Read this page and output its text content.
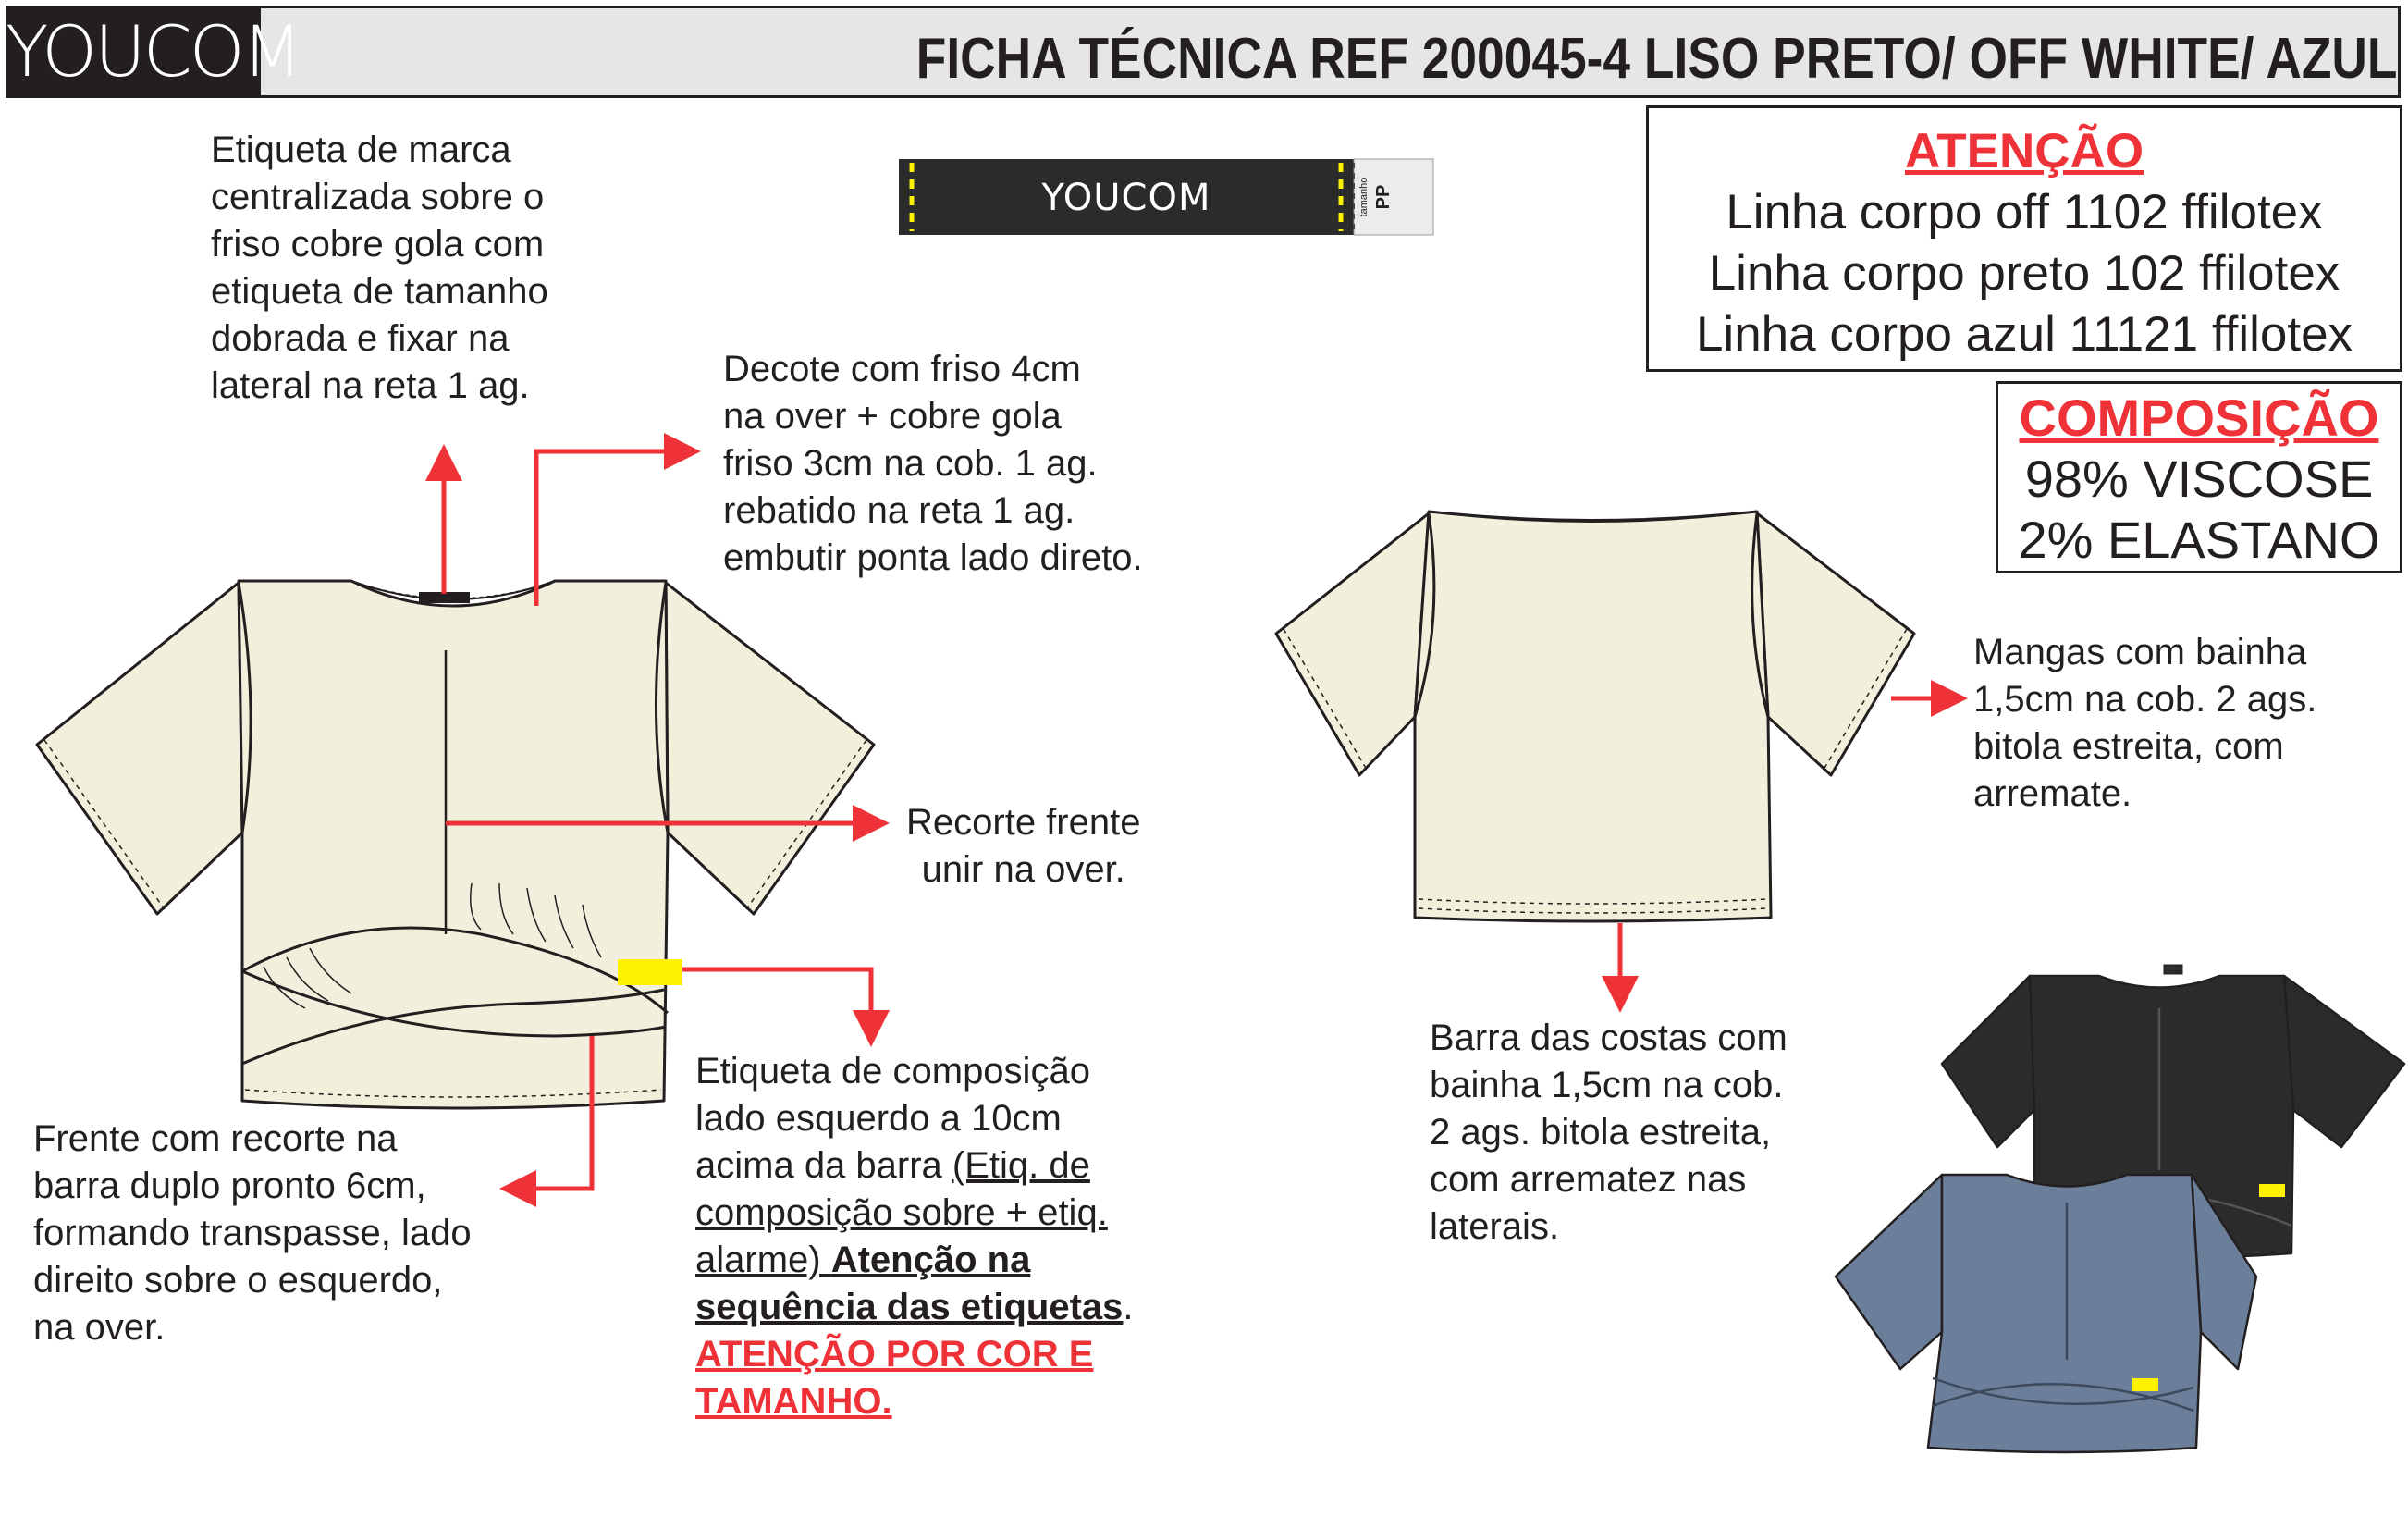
YOUCOM	FICHA TÉCNICA REF 200045-4 LISO PRETO/ OFF WHITE/ AZUL
YOUCOM	tamanho PP
Etiqueta de marca
centralizada sobre o
friso cobre gola com
etiqueta de tamanho
dobrada e fixar na
lateral na reta 1 ag.	Decote com friso 4cm
na over + cobre gola
friso 3cm na cob. 1 ag.
rebatido na reta 1 ag.
embutir ponta lado direto.
Recorte frente
unir na over.
Frente com recorte na
barra duplo pronto 6cm,
formando transpasse, lado
direito sobre o esquerdo,
na over.
Etiqueta de composição
lado esquerdo a 10cm
acima da barra (Etiq. de
composição sobre + etiq.
alarme) Atenção na
sequência das etiquetas.
ATENÇÃO POR COR E
TAMANHO.
Mangas com bainha
1,5cm na cob. 2 ags.
bitola estreita, com
arremate.
Barra das costas com
bainha 1,5cm na cob.
2 ags. bitola estreita,
com arrematez nas
laterais.
ATENÇÃO
Linha corpo off 1102 ffilotex
Linha corpo preto 102 ffilotex
Linha corpo azul 11121 ffilotex
COMPOSIÇÃO
98% VISCOSE
2% ELASTANO
